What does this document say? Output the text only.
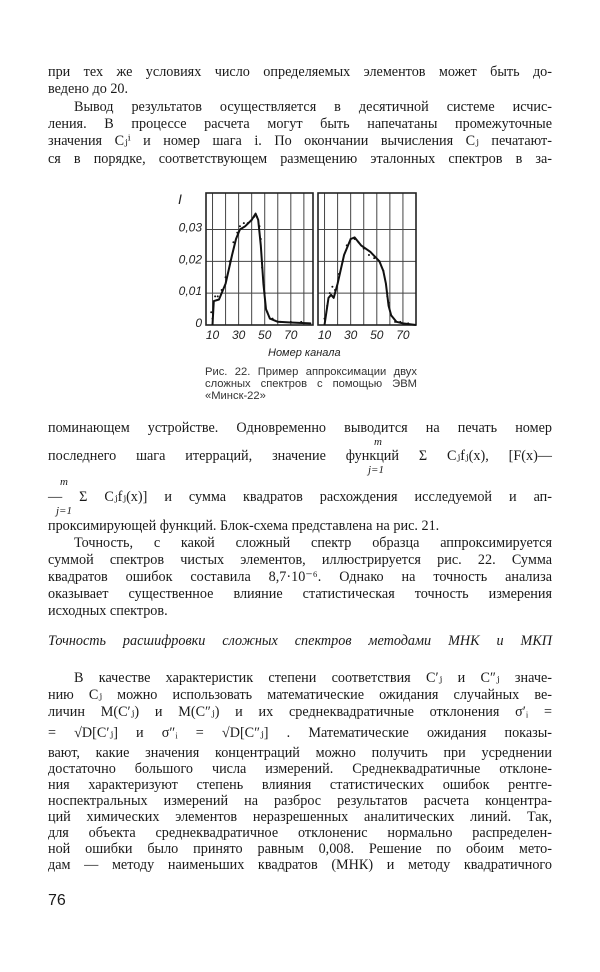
при тех же условиях число определяемых элементов может быть до-
ведено до 20.
Вывод результатов осуществляется в десятичной системе исчис-
ления. В процессе расчета могут быть напечатаны промежуточные
значения Cⱼⁱ и номер шага i. По окончании вычисления Cⱼ печатают-
ся в порядке, соответствующем размещению эталонных спектров в за-
10 30 50 70 10 30 50 70
0
0,01
0,02
0,03
I
Номер канала
Рис. 22. Пример аппроксимации двух
сложных спектров с помощью ЭВМ
«Минск-22»
поминающем устройстве. Одновременно выводится на печать номер
m
последнего шага итерраций, значение функций Σ Cⱼfⱼ(x), [F(x)—
j=1
m
— Σ Cⱼfⱼ(x)] и сумма квадратов расхождения исследуемой и ап-
j=1
проксимирующей функций. Блок-схема представлена на рис. 21.
Точность, с какой сложный спектр образца аппроксимируется
суммой спектров чистых элементов, иллюстрируется рис. 22. Сумма
квадратов ошибок составила 8,7·10⁻⁶. Однако на точность анализа
оказывает существенное влияние статистическая точность измерения
исходных спектров.
Точность расшифровки сложных спектров методами МНК и МКП
В качестве характеристик степени соответствия C′ⱼ и C″ⱼ значе-
нию Cⱼ можно использовать математические ожидания случайных ве-
личин M(C′ⱼ) и M(C″ⱼ) и их среднеквадратичные отклонения σ′ᵢ =
= √D[C′ⱼ] и σ″ᵢ = √D[C″ⱼ] . Математические ожидания показы-
вают, какие значения концентраций можно получить при усреднении
достаточно большого числа измерений. Среднеквадратичные отклоне-
ния характеризуют степень влияния статистических ошибок рентге-
носпектральных измерений на разброс результатов расчета концентра-
ций химических элементов неразрешенных аналитических линий. Так,
для объекта среднеквадратичное отклоненис нормально распределен-
ной ошибки было принято равным 0,008. Решение по обоим мето-
дам — методу наименьших квадратов (МНК) и методу квадратичного
76
